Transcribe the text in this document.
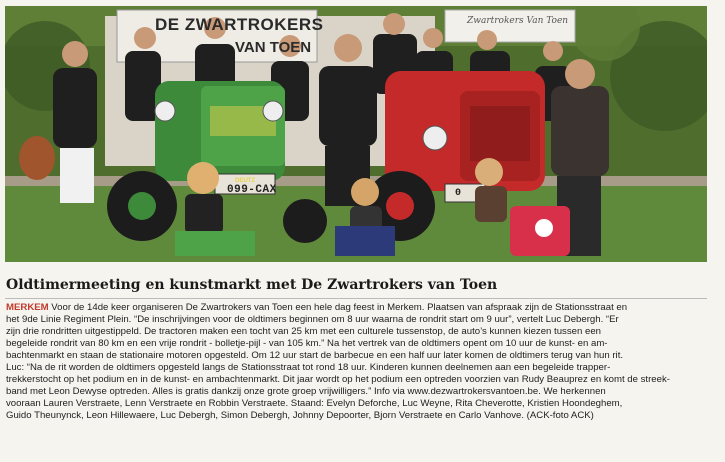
DE ZWARTROKERS
VAN TOEN
Zwartrokers Van Toen
DEUTZ
099-CAX	0
Oldtimermeeting en kunstmarkt met De Zwartrokers van Toen
MERKEM Voor de 14de keer organiseren De Zwartrokers van Toen een hele dag feest in Merkem. Plaatsen van afspraak zijn de Stationsstraat en
het 9de Linie Regiment Plein. “De inschrijvingen voor de oldtimers beginnen om 8 uur waarna de rondrit start om 9 uur”, vertelt Luc Debergh. “Er
zijn drie rondritten uitgestippeld. De tractoren maken een tocht van 25 km met een culturele tussenstop, de auto’s kunnen kiezen tussen een
begeleide rondrit van 80 km en een vrije rondrit - bolletje-pijl - van 105 km.” Na het vertrek van de oldtimers opent om 10 uur de kunst- en am-
bachtenmarkt en staan de stationaire motoren opgesteld. Om 12 uur start de barbecue en een half uur later komen de oldtimers terug van hun rit.
Luc: “Na de rit worden de oldtimers opgesteld langs de Stationsstraat tot rond 18 uur. Kinderen kunnen deelnemen aan een begeleide trapper-
trekkerstocht op het podium en in de kunst- en ambachtenmarkt. Dit jaar wordt op het podium een optreden voorzien van Rudy Beauprez en komt de streek-
band met Leon Dewyse optreden. Alles is gratis dankzij onze grote groep vrijwilligers.” Info via www.dezwartrokersvantoen.be. We herkennen
vooraan Lauren Verstraete, Lenn Verstraete en Robbin Verstraete. Staand: Evelyn Deforche, Luc Weyne, Rita Cheverotte, Kristien Hoondeghem,
Guido Theunynck, Leon Hillewaere, Luc Debergh, Simon Debergh, Johnny Depoorter, Bjorn Verstraete en Carlo Vanhove. (ACK-foto ACK)
